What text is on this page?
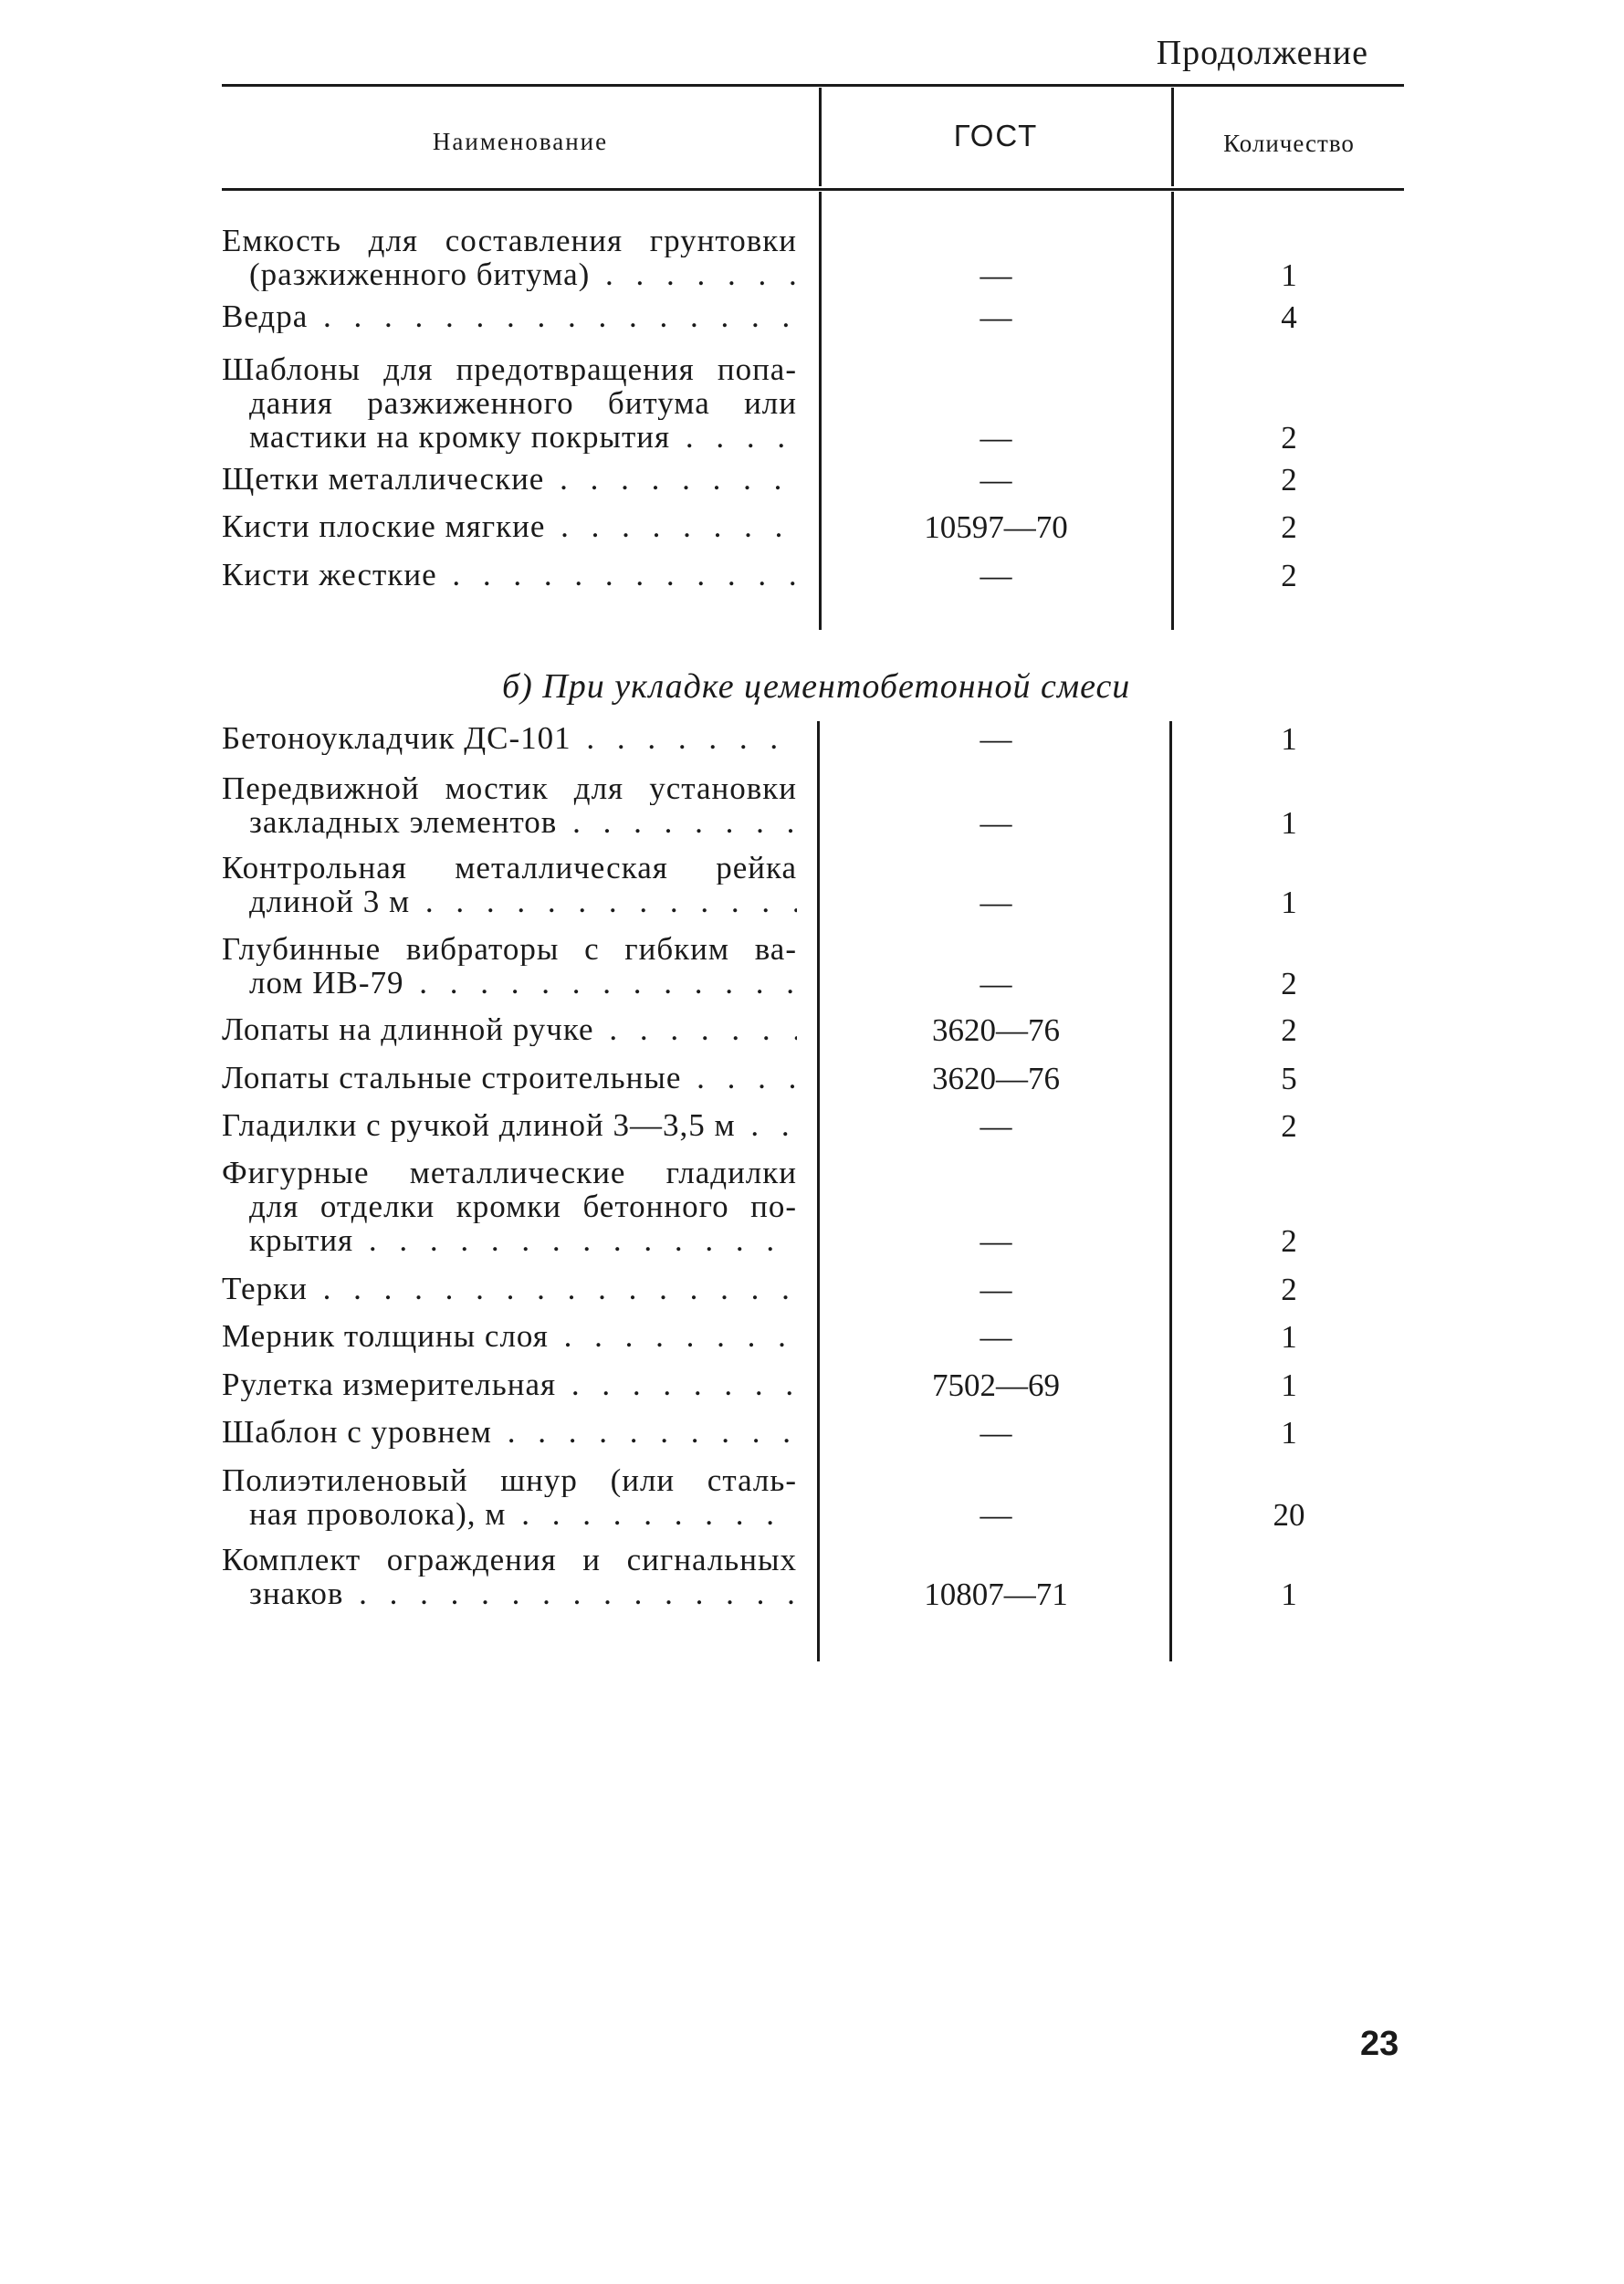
Продолжение
Наименование	ГОСТ	Количество
б) При укладке цементобетонной смеси
Емкость для составления грунтовки
(разжиженного битума) . . .	—	1
Ведра . . .	—	4
Шаблоны для предотвращения попа-
дания разжиженного битума или
мастики на кромку покрытия . . .	—	2
Щетки металлические . . .	—	2
Кисти плоские мягкие . . .	10597—70	2
Кисти жесткие . . .	—	2
Бетоноукладчик ДС-101 . . .	—	1
Передвижной мостик для установки
закладных элементов . . .	—	1
Контрольная металлическая рейка
длиной 3 м . . .	—	1
Глубинные вибраторы с гибким ва-
лом ИВ-79 . . .	—	2
Лопаты на длинной ручке . . .	3620—76	2
Лопаты стальные строительные . . .	3620—76	5
Гладилки с ручкой длиной 3—3,5 м . . .	—	2
Фигурные металлические гладилки
для отделки кромки бетонного по-
крытия . . .	—	2
Терки . . .	—	2
Мерник толщины слоя . . .	—	1
Рулетка измерительная . . .	7502—69	1
Шаблон с уровнем . . .	—	1
Полиэтиленовый шнур (или сталь-
ная проволока), м . . .	—	20
Комплект ограждения и сигнальных
знаков . . .	10807—71	1
23
